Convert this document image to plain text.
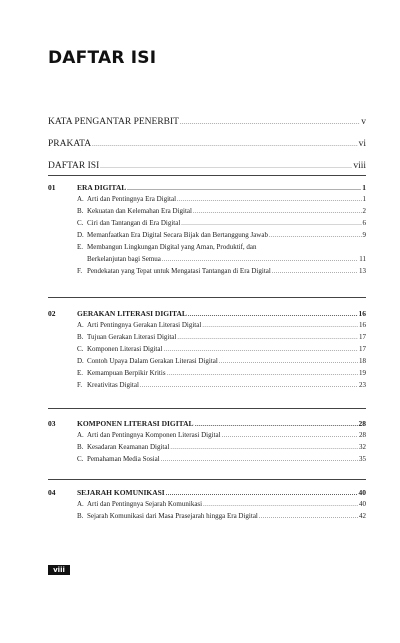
DAFTAR ISI
KATA PENGANTAR PENERBIT .....	v
PRAKATA .....	vi
DAFTAR ISI .....	viii
01	ERA DIGITAL .....	1
A. Arti dan Pentingnya Era Digital .....	1
B. Kekuatan dan Kelemahan Era Digital .....	2
C. Ciri dan Tantangan di Era Digital .....	6
D. Memanfaatkan Era Digital Secara Bijak dan Bertanggung Jawab .....	9
E. Membangun Lingkungan Digital yang Aman, Produktif, dan
Berkelanjutan bagi Semua .....	11
F. Pendekatan yang Tepat untuk Mengatasi Tantangan di Era Digital .....	13
02	GERAKAN LITERASI DIGITAL .....	16
A. Arti Pentingnya Gerakan Literasi Digital .....	16
B. Tujuan Gerakan Literasi Digital .....	17
C. Komponen Literasi Digital .....	17
D. Contoh Upaya Dalam Gerakan Literasi Digital .....	18
E. Kemampuan Berpikir Kritis .....	19
F. Kreativitas Digital .....	23
03	KOMPONEN LITERASI DIGITAL .....	28
A. Arti dan Pentingnya Komponen Literasi Digital .....	28
B. Kesadaran Keamanan Digital .....	32
C. Pemahaman Media Sosial .....	35
04	SEJARAH KOMUNIKASI .....	40
A. Arti dan Pentingnya Sejarah Komunikasi .....	40
B. Sejarah Komunikasi dari Masa Prasejarah hingga Era Digital .....	42
viii
